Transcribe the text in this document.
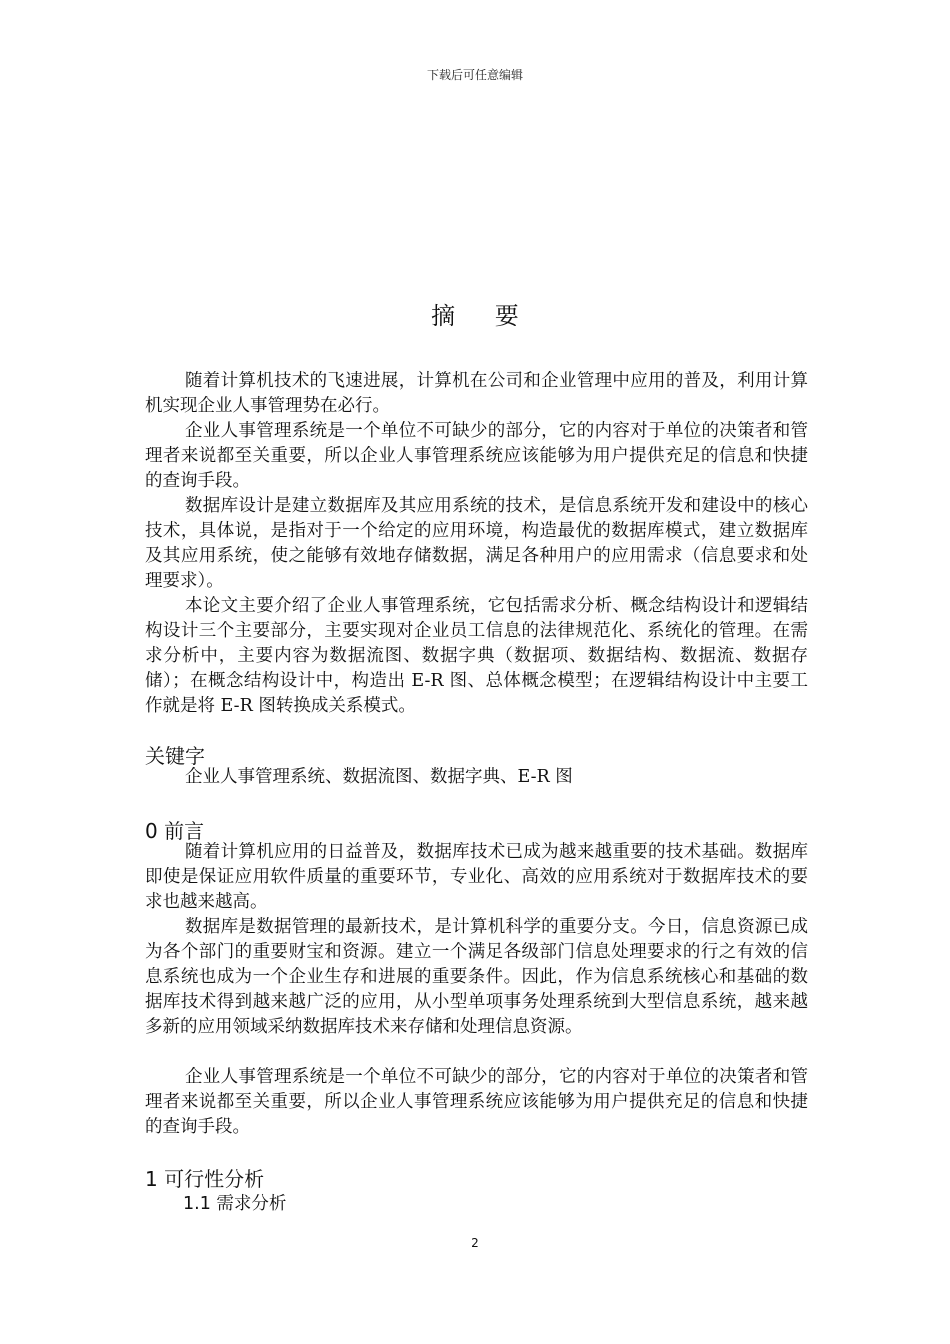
下载后可任意编辑
摘 要

随着计算机技术的飞速进展，计算机在公司和企业管理中应用的普及，利用计算机实现企业人事管理势在必行。

企业人事管理系统是一个单位不可缺少的部分，它的内容对于单位的决策者和管理者来说都至关重要，所以企业人事管理系统应该能够为用户提供充足的信息和快捷的查询手段。

数据库设计是建立数据库及其应用系统的技术，是信息系统开发和建设中的核心技术，具体说，是指对于一个给定的应用环境，构造最优的数据库模式，建立数据库及其应用系统，使之能够有效地存储数据，满足各种用户的应用需求（信息要求和处理要求）。

本论文主要介绍了企业人事管理系统，它包括需求分析、概念结构设计和逻辑结构设计三个主要部分，主要实现对企业员工信息的法律规范化、系统化的管理。在需求分析中，主要内容为数据流图、数据字典（数据项、数据结构、数据流、数据存储）；在概念结构设计中，构造出 E-R 图、总体概念模型；在逻辑结构设计中主要工作就是将 E-R 图转换成关系模式。

关键字

企业人事管理系统、数据流图、数据字典、E-R 图

0 前言

随着计算机应用的日益普及，数据库技术已成为越来越重要的技术基础。数据库即使是保证应用软件质量的重要环节，专业化、高效的应用系统对于数据库技术的要求也越来越高。

数据库是数据管理的最新技术，是计算机科学的重要分支。今日，信息资源已成为各个部门的重要财宝和资源。建立一个满足各级部门信息处理要求的行之有效的信息系统也成为一个企业生存和进展的重要条件。因此，作为信息系统核心和基础的数据库技术得到越来越广泛的应用，从小型单项事务处理系统到大型信息系统，越来越多新的应用领域采纳数据库技术来存储和处理信息资源。

企业人事管理系统是一个单位不可缺少的部分，它的内容对于单位的决策者和管理者来说都至关重要，所以企业人事管理系统应该能够为用户提供充足的信息和快捷的查询手段。

1 可行性分析
1.1 需求分析
2
